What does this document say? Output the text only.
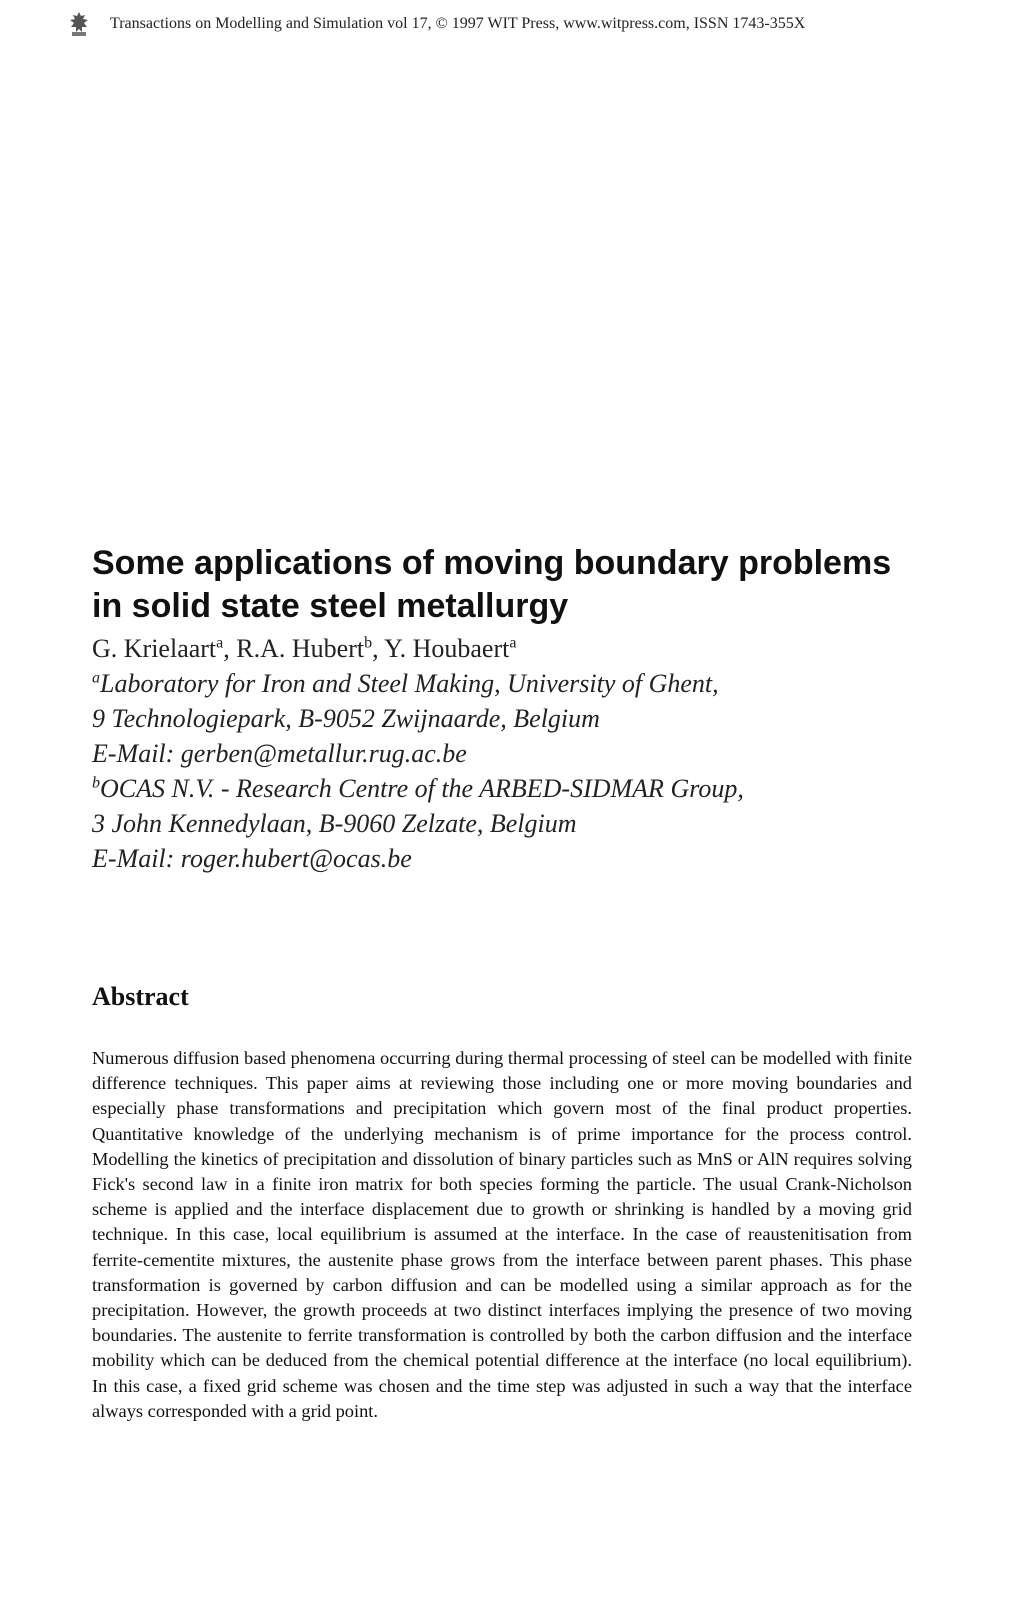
Transactions on Modelling and Simulation vol 17, © 1997 WIT Press, www.witpress.com, ISSN 1743-355X
Some applications of moving boundary problems
in solid state steel metallurgy
G. Krielaart$^a$, R.A. Hubert$^b$, Y. Houbaert$^a$
$^a$Laboratory for Iron and Steel Making, University of Ghent,
9 Technologiepark, B-9052 Zwijnaarde, Belgium
E-Mail: gerben@metallur.rug.ac.be
$^b$OCAS N.V. - Research Centre of the ARBED-SIDMAR Group,
3 John Kennedylaan, B-9060 Zelzate, Belgium
E-Mail: roger.hubert@ocas.be
Abstract

Numerous diffusion based phenomena occurring during thermal processing of steel can be modelled with finite difference techniques. This paper aims at reviewing those including one or more moving boundaries and especially phase transformations and precipitation which govern most of the final product properties. Quantitative knowledge of the underlying mechanism is of prime importance for the process control. Modelling the kinetics of precipitation and dissolution of binary particles such as MnS or AlN requires solving Fick's second law in a finite iron matrix for both species forming the particle. The usual Crank-Nicholson scheme is applied and the interface displacement due to growth or shrinking is handled by a moving grid technique. In this case, local equilibrium is assumed at the interface. In the case of reaustenitisation from ferrite-cementite mixtures, the austenite phase grows from the interface between parent phases. This phase transformation is governed by carbon diffusion and can be modelled using a similar approach as for the precipitation. However, the growth proceeds at two distinct interfaces implying the presence of two moving boundaries. The austenite to ferrite transformation is controlled by both the carbon diffusion and the interface mobility which can be deduced from the chemical potential difference at the interface (no local equilibrium). In this case, a fixed grid scheme was chosen and the time step was adjusted in such a way that the interface always corresponded with a grid point.
